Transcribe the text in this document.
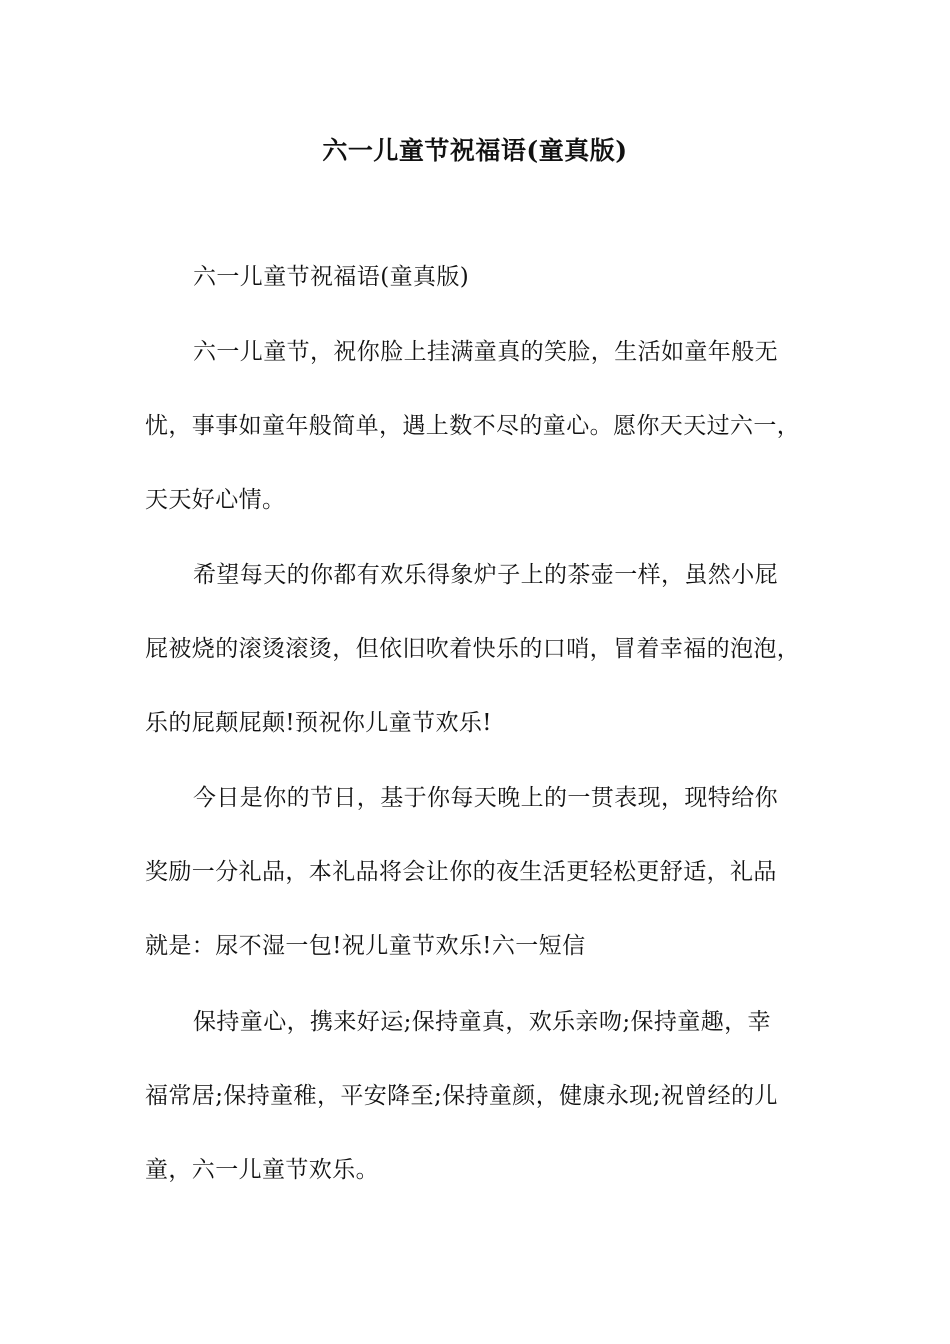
六一儿童节祝福语(童真版)
六一儿童节祝福语(童真版)
六一儿童节，祝你脸上挂满童真的笑脸，生活如童年般无
忧，事事如童年般简单，遇上数不尽的童心。愿你天天过六一，
天天好心情。
希望每天的你都有欢乐得象炉子上的茶壶一样，虽然小屁
屁被烧的滚烫滚烫，但依旧吹着快乐的口哨，冒着幸福的泡泡，
乐的屁颠屁颠!预祝你儿童节欢乐!
今日是你的节日，基于你每天晚上的一贯表现，现特给你
奖励一分礼品，本礼品将会让你的夜生活更轻松更舒适，礼品
就是：尿不湿一包!祝儿童节欢乐!六一短信
保持童心，携来好运;保持童真，欢乐亲吻;保持童趣，幸
福常居;保持童稚，平安降至;保持童颜，健康永现;祝曾经的儿
童，六一儿童节欢乐。
